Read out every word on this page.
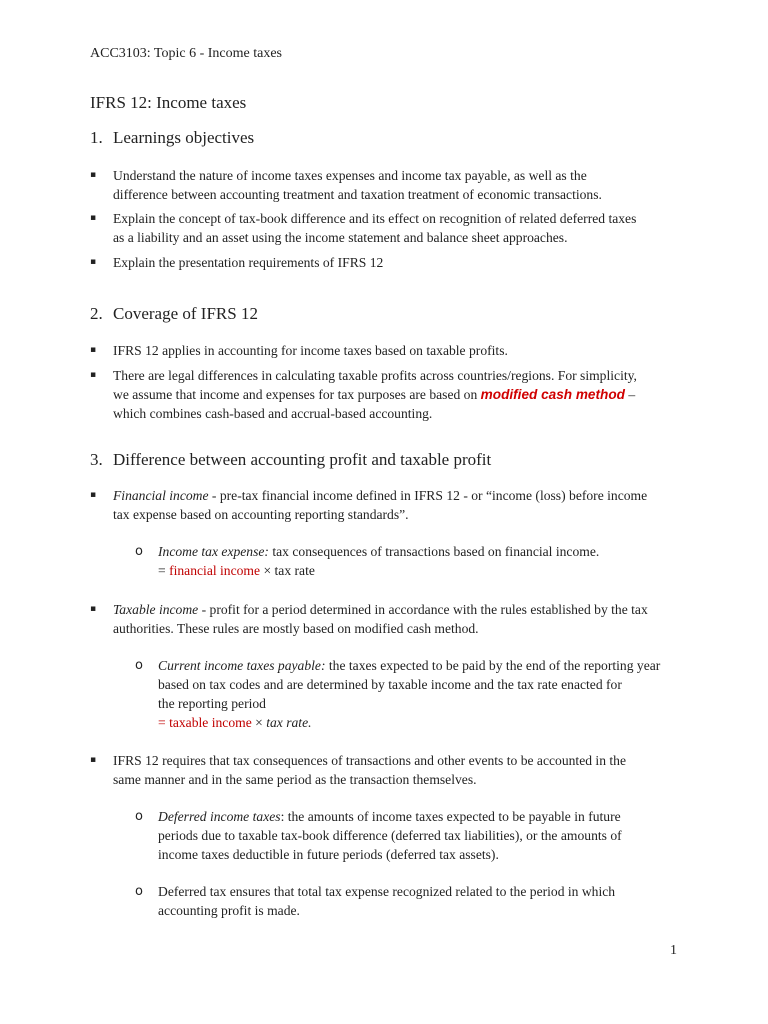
ACC3103: Topic 6 - Income taxes
IFRS 12: Income taxes
1. Learnings objectives
▪ Understand the nature of income taxes expenses and income tax payable, as well as the
difference between accounting treatment and taxation treatment of economic transactions.
▪ Explain the concept of tax-book difference and its effect on recognition of related deferred taxes
as a liability and an asset using the income statement and balance sheet approaches.
▪ Explain the presentation requirements of IFRS 12
2. Coverage of IFRS 12
▪ IFRS 12 applies in accounting for income taxes based on taxable profits.
▪ There are legal differences in calculating taxable profits across countries/regions. For simplicity,
we assume that income and expenses for tax purposes are based on modified cash method –
which combines cash-based and accrual-based accounting.
3. Difference between accounting profit and taxable profit
▪ Financial income - pre-tax financial income defined in IFRS 12 - or “income (loss) before income
tax expense based on accounting reporting standards”.
o Income tax expense: tax consequences of transactions based on financial income.
= financial income × tax rate
▪ Taxable income - profit for a period determined in accordance with the rules established by the tax
authorities. These rules are mostly based on modified cash method.
o Current income taxes payable: the taxes expected to be paid by the end of the reporting year
based on tax codes and are determined by taxable income and the tax rate enacted for
the reporting period
= taxable income × tax rate.
▪ IFRS 12 requires that tax consequences of transactions and other events to be accounted in the
same manner and in the same period as the transaction themselves.
o Deferred income taxes: the amounts of income taxes expected to be payable in future
periods due to taxable tax-book difference (deferred tax liabilities), or the amounts of
income taxes deductible in future periods (deferred tax assets).
o Deferred tax ensures that total tax expense recognized related to the period in which
accounting profit is made.
1
